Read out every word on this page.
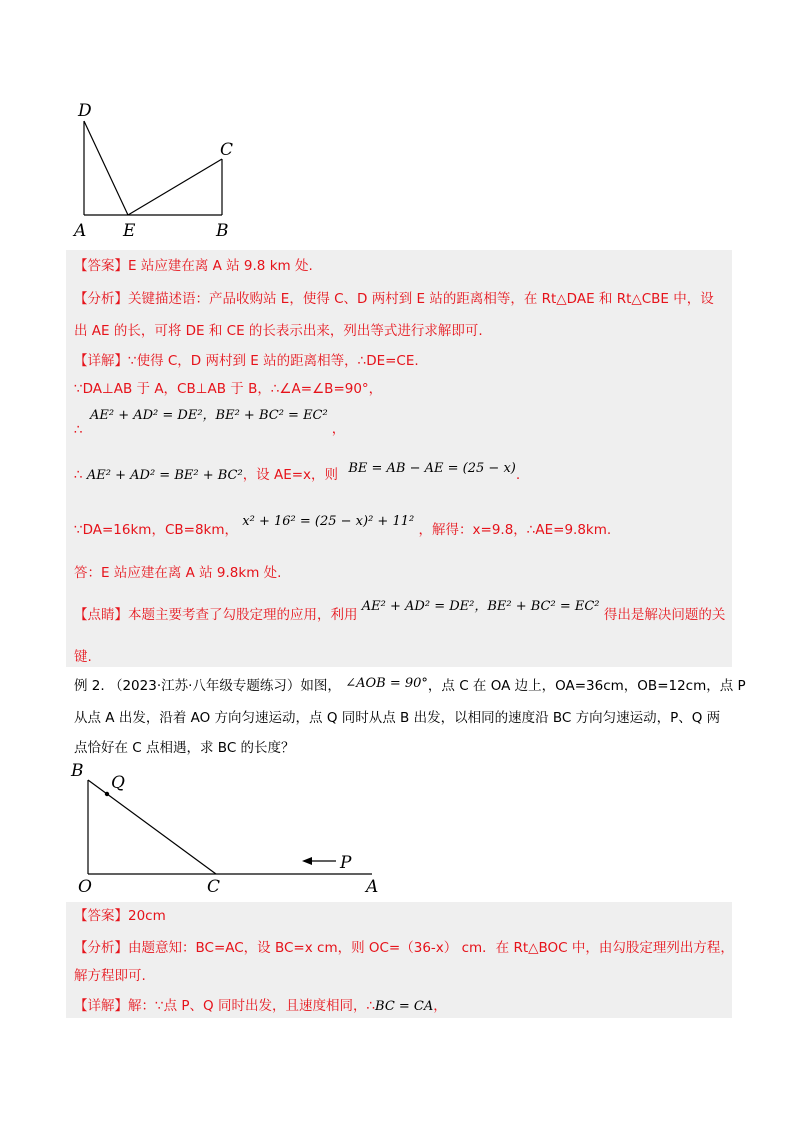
D
C
A E	B
【答案】E 站应建在离 A 站 9.8 km 处.
【分析】关键描述语：产品收购站 E，使得 C、D 两村到 E 站的距离相等，在 Rt△DAE 和 Rt△CBE 中，设
出 AE 的长，可将 DE 和 CE 的长表示出来，列出等式进行求解即可.
【详解】∵使得 C，D 两村到 E 站的距离相等，∴DE=CE.
∵DA⊥AB 于 A，CB⊥AB 于 B，∴∠A=∠B=90°，
AE² + AD² = DE²，BE² + BC² = EC²，
∴
∴ AE² + AD² = BE² + BC²，设 AE=x，则 BE = AB − AE = (25 − x).
∵DA=16km，CB=8km， x² + 16² = (25 − x)² + 11² ，解得：x=9.8，∴AE=9.8km.
答：E 站应建在离 A 站 9.8km 处.
【点睛】本题主要考查了勾股定理的应用，利用 AE² + AD² = DE²，BE² + BC² = EC² 得出是解决问题的关
键.
例 2. （2023·江苏·八年级专题练习）如图， ∠AOB = 90°，点 C 在 OA 边上，OA=36cm，OB=12cm，点 P
从点 A 出发，沿着 AO 方向匀速运动，点 Q 同时从点 B 出发，以相同的速度沿 BC 方向匀速运动，P、Q 两
点恰好在 C 点相遇，求 BC 的长度？
B
Q
P
O	C	A
【答案】20cm
【分析】由题意知：BC=AC，设 BC=x cm，则 OC=（36-x） cm．在 Rt△BOC 中，由勾股定理列出方程，
解方程即可.
【详解】解：∵点 P、Q 同时出发，且速度相同，∴BC = CA，
